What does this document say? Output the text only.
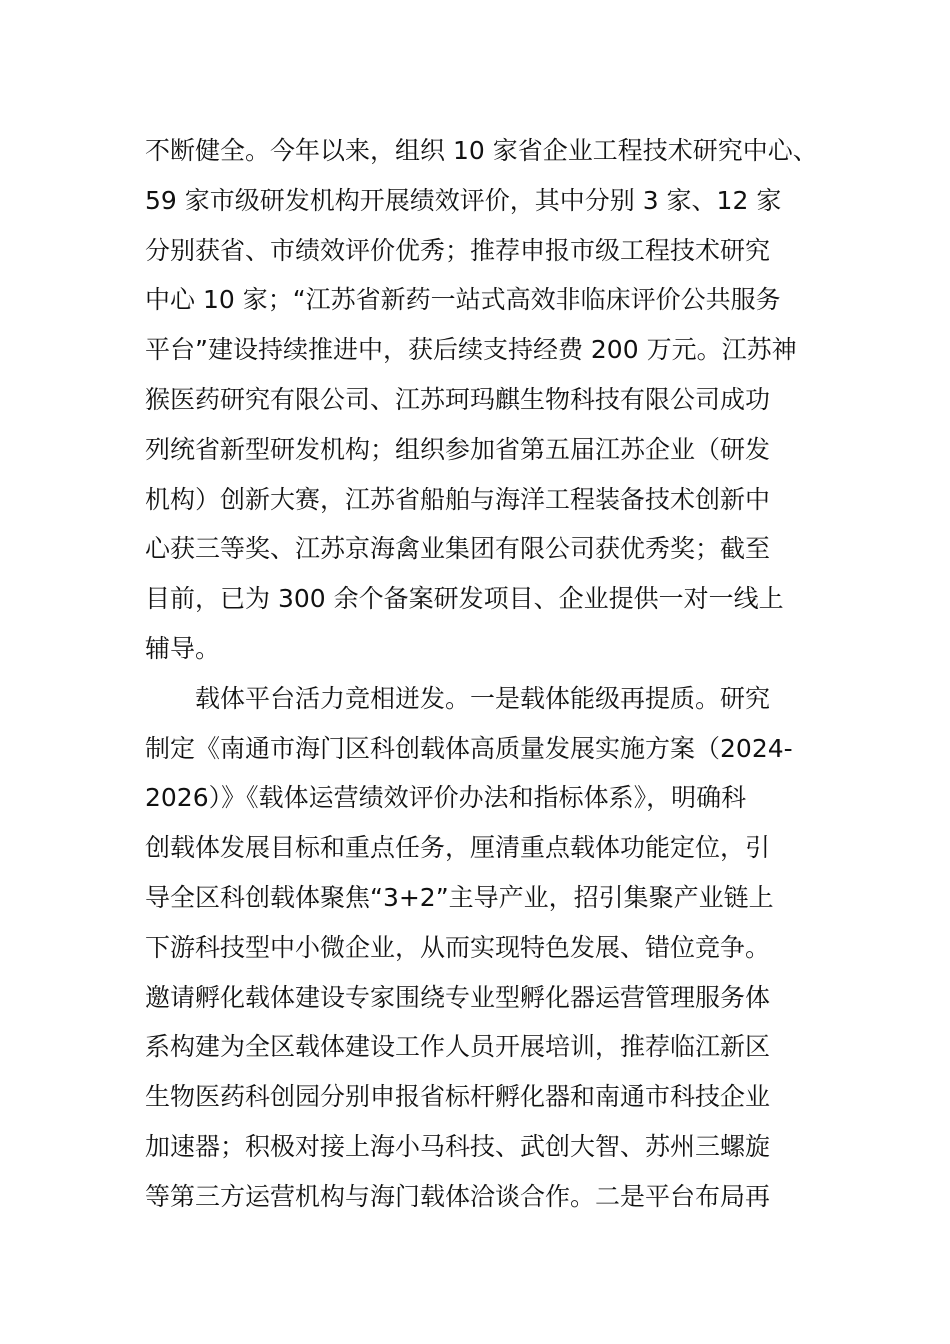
不断健全。今年以来，组织 10 家省企业工程技术研究中心、
59 家市级研发机构开展绩效评价，其中分别 3 家、12 家
分别获省、市绩效评价优秀；推荐申报市级工程技术研究
中心 10 家；“江苏省新药一站式高效非临床评价公共服务
平台”建设持续推进中，获后续支持经费 200 万元。江苏神
猴医药研究有限公司、江苏珂玛麒生物科技有限公司成功
列统省新型研发机构；组织参加省第五届江苏企业（研发
机构）创新大赛，江苏省船舶与海洋工程装备技术创新中
心获三等奖、江苏京海禽业集团有限公司获优秀奖；截至
目前，已为 300 余个备案研发项目、企业提供一对一线上
辅导。
载体平台活力竞相迸发。一是载体能级再提质。研究
制定《南通市海门区科创载体高质量发展实施方案（2024-
2026）》《载体运营绩效评价办法和指标体系》，明确科
创载体发展目标和重点任务，厘清重点载体功能定位，引
导全区科创载体聚焦“3+2”主导产业，招引集聚产业链上
下游科技型中小微企业，从而实现特色发展、错位竞争。
邀请孵化载体建设专家围绕专业型孵化器运营管理服务体
系构建为全区载体建设工作人员开展培训，推荐临江新区
生物医药科创园分别申报省标杆孵化器和南通市科技企业
加速器；积极对接上海小马科技、武创大智、苏州三螺旋
等第三方运营机构与海门载体洽谈合作。二是平台布局再
